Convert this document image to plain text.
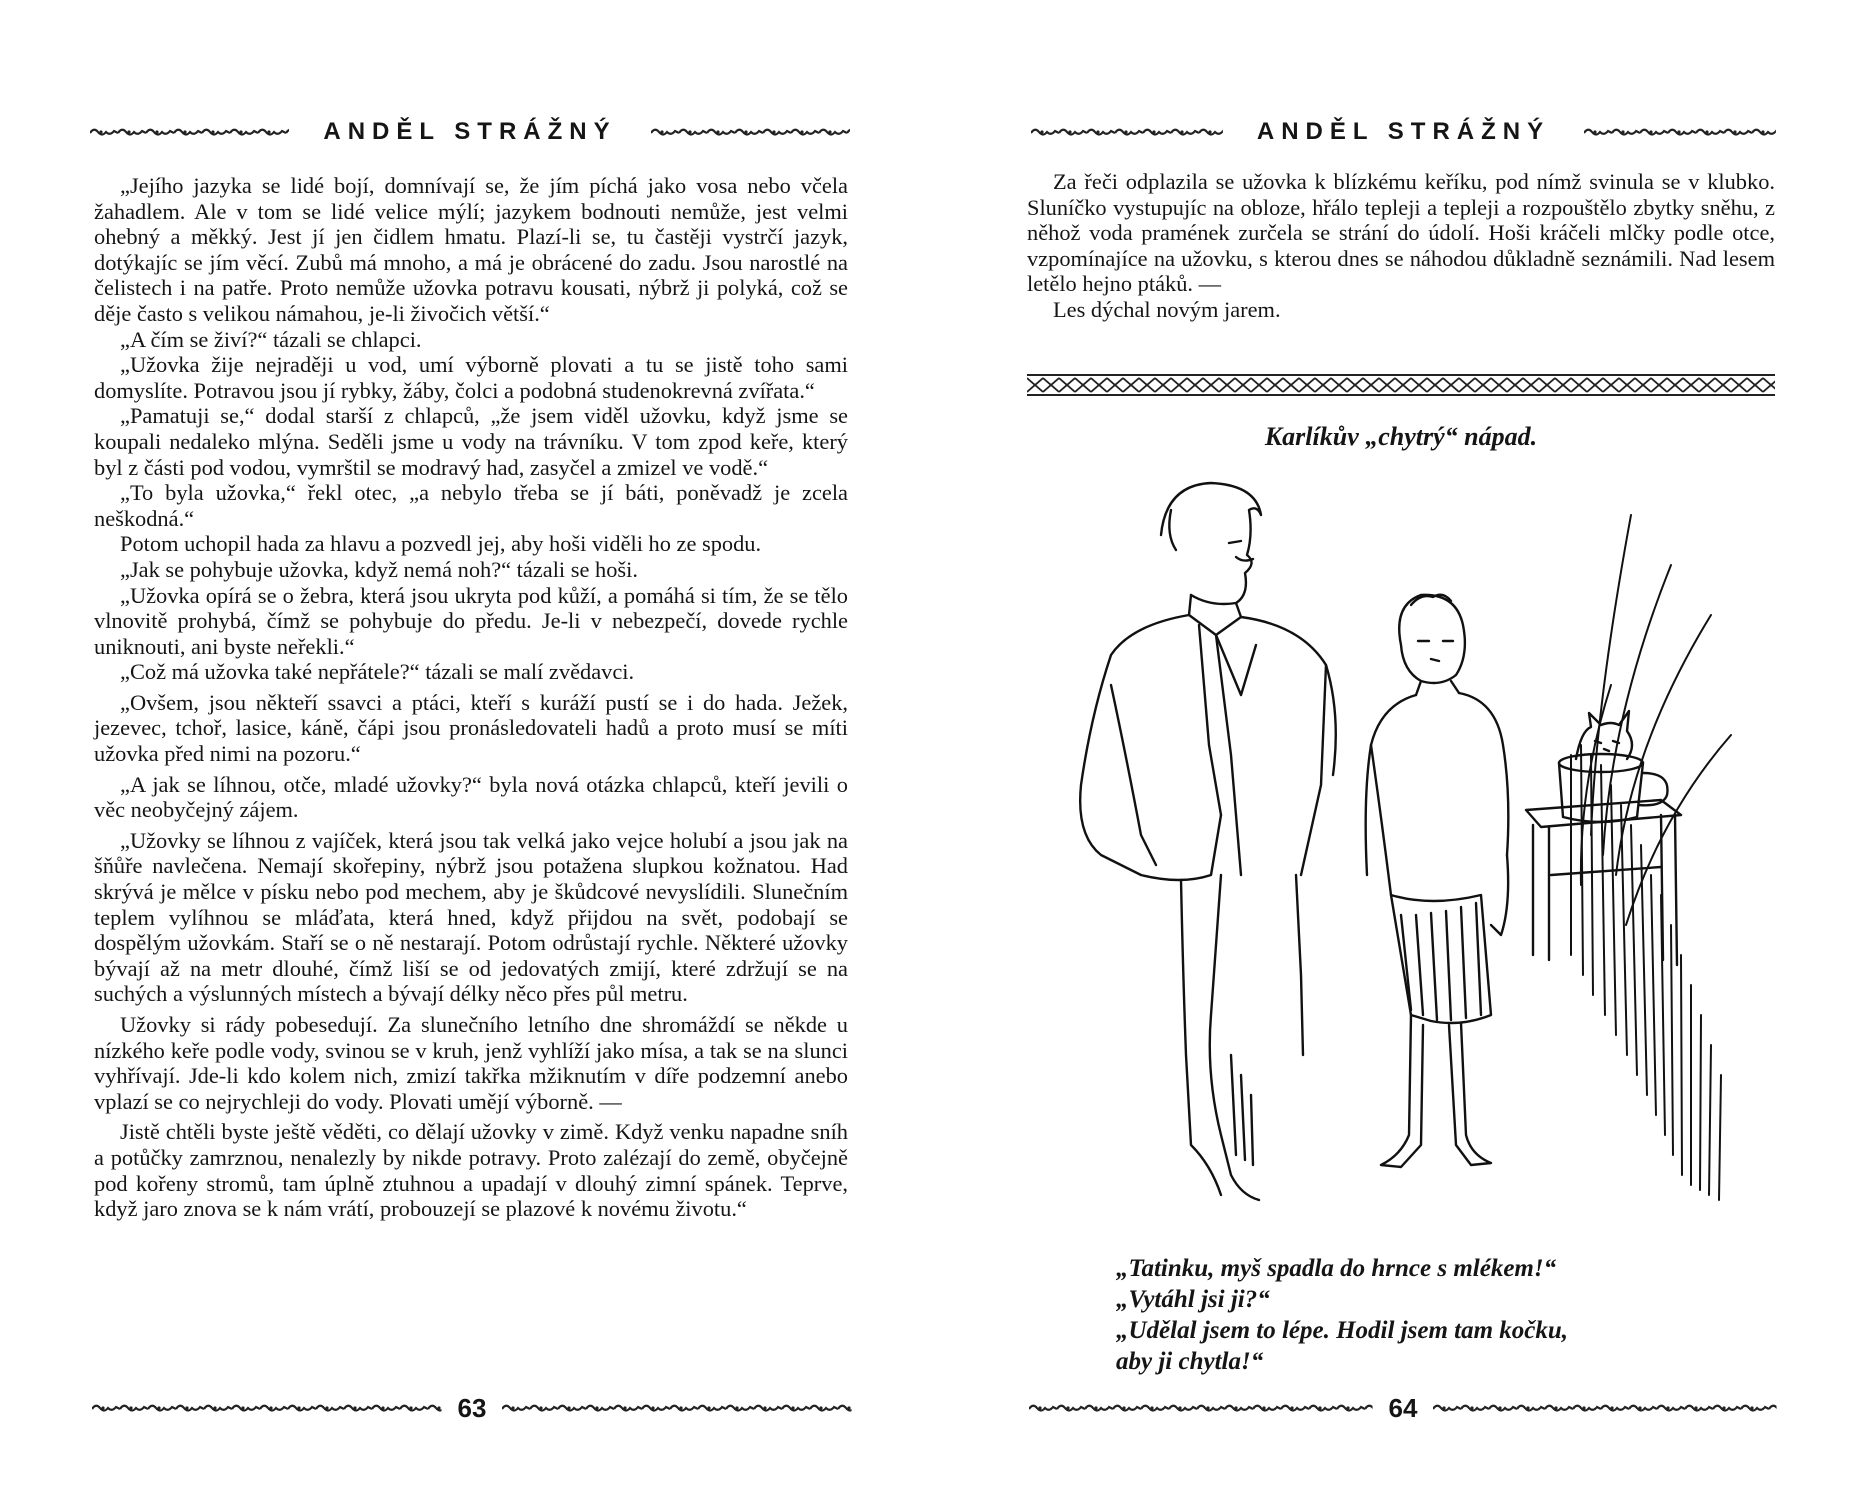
ANDĚL STRÁŽNÝ

„Jejího jazyka se lidé bojí, domnívají se, že jím píchá jako vosa nebo včela žahadlem. Ale v tom se lidé velice mýlí; jazykem bodnouti nemůže, jest velmi ohebný a měkký. Jest jí jen čidlem hmatu. Plazí-li se, tu častěji vystrčí jazyk, dotýkajíc se jím věcí. Zubů má mnoho, a má je obrácené do zadu. Jsou narostlé na čelistech i na patře. Proto nemůže užovka potravu kousati, nýbrž ji polyká, což se děje často s velikou námahou, je-li živočich větší.“

„A čím se živí?“ tázali se chlapci.

„Užovka žije nejraději u vod, umí výborně plovati a tu se jistě toho sami domyslíte. Potravou jsou jí rybky, žáby, čolci a podobná studenokrevná zvířata.“

„Pamatuji se,“ dodal starší z chlapců, „že jsem viděl užovku, když jsme se koupali nedaleko mlýna. Seděli jsme u vody na trávníku. V tom zpod keře, který byl z části pod vodou, vymrštil se modravý had, zasyčel a zmizel ve vodě.“

„To byla užovka,“ řekl otec, „a nebylo třeba se jí báti, poněvadž je zcela neškodná.“

Potom uchopil hada za hlavu a pozvedl jej, aby hoši viděli ho ze spodu.

„Jak se pohybuje užovka, když nemá noh?“ tázali se hoši.

„Užovka opírá se o žebra, která jsou ukryta pod kůží, a pomáhá si tím, že se tělo vlnovitě prohybá, čímž se pohybuje do předu. Je-li v nebezpečí, dovede rychle uniknouti, ani byste neřekli.“

„Což má užovka také nepřátele?“ tázali se malí zvědavci.

„Ovšem, jsou někteří ssavci a ptáci, kteří s kuráží pustí se i do hada. Ježek, jezevec, tchoř, lasice, káně, čápi jsou pronásledovateli hadů a proto musí se míti užovka před nimi na pozoru.“

„A jak se líhnou, otče, mladé užovky?“ byla nová otázka chlapců, kteří jevili o věc neobyčejný zájem.

„Užovky se líhnou z vajíček, která jsou tak velká jako vejce holubí a jsou jak na šňůře navlečena. Nemají skořepiny, nýbrž jsou potažena slupkou kožnatou. Had skrývá je mělce v písku nebo pod mechem, aby je škůdcové nevyslídili. Slunečním teplem vylíhnou se mláďata, která hned, když přijdou na svět, podobají se dospělým užovkám. Staří se o ně nestarají. Potom odrůstají rychle. Některé užovky bývají až na metr dlouhé, čímž liší se od jedovatých zmijí, které zdržují se na suchých a výslunných místech a bývají délky něco přes půl metru.

Užovky si rády pobesedují. Za slunečního letního dne shromáždí se někde u nízkého keře podle vody, svinou se v kruh, jenž vyhlíží jako mísa, a tak se na slunci vyhřívají. Jde-li kdo kolem nich, zmizí takřka mžiknutím v díře podzemní anebo vplazí se co nejrychleji do vody. Plovati umějí výborně. —

Jistě chtěli byste ještě věděti, co dělají užovky v zimě. Když venku napadne sníh a potůčky zamrznou, nenalezly by nikde potravy. Proto zalézají do země, obyčejně pod kořeny stromů, tam úplně ztuhnou a upadají v dlouhý zimní spánek. Teprve, když jaro znova se k nám vrátí, probouzejí se plazové k novému životu.“

63
ANDĚL STRÁŽNÝ

Za řeči odplazila se užovka k blízkému keříku, pod nímž svinula se v klubko. Sluníčko vystupujíc na obloze, hřálo tepleji a tepleji a rozpouštělo zbytky sněhu, z něhož voda pramének zurčela se strání do údolí. Hoši kráčeli mlčky podle otce, vzpomínajíce na užovku, s kterou dnes se náhodou důkladně seznámili. Nad lesem letělo hejno ptáků. —

Les dýchal novým jarem.

Karlíkův „chytrý“ nápad.
„Tatinku, myš spadla do hrnce s mlékem!“
„Vytáhl jsi ji?“
„Udělal jsem to lépe. Hodil jsem tam kočku,
aby ji chytla!“
64
